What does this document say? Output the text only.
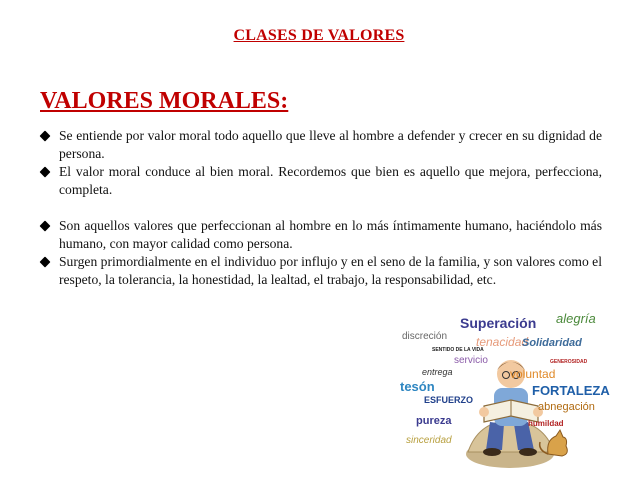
CLASES DE VALORES
VALORES MORALES:
Se entiende por valor moral todo aquello que lleve al hombre a defender y crecer en su dignidad de persona.
El valor moral conduce al bien moral. Recordemos que bien es aquello que mejora, perfecciona, completa.
Son aquellos valores que perfeccionan al hombre en lo más íntimamente humano, haciéndolo más humano, con mayor calidad como persona.
Surgen primordialmente en el individuo por influjo y en el seno de la familia, y son valores como el respeto, la tolerancia, la honestidad, la lealtad, el trabajo, la responsabilidad, etc.
Superación alegría
discreción tenacidad
Solidaridad
SENTIDO DE LA VIDA
servicio
entrega	voluntad
GENEROSIDAD
tesón	FORTALEZA
ESFUERZO
abnegación
pureza	humildad
sinceridad
